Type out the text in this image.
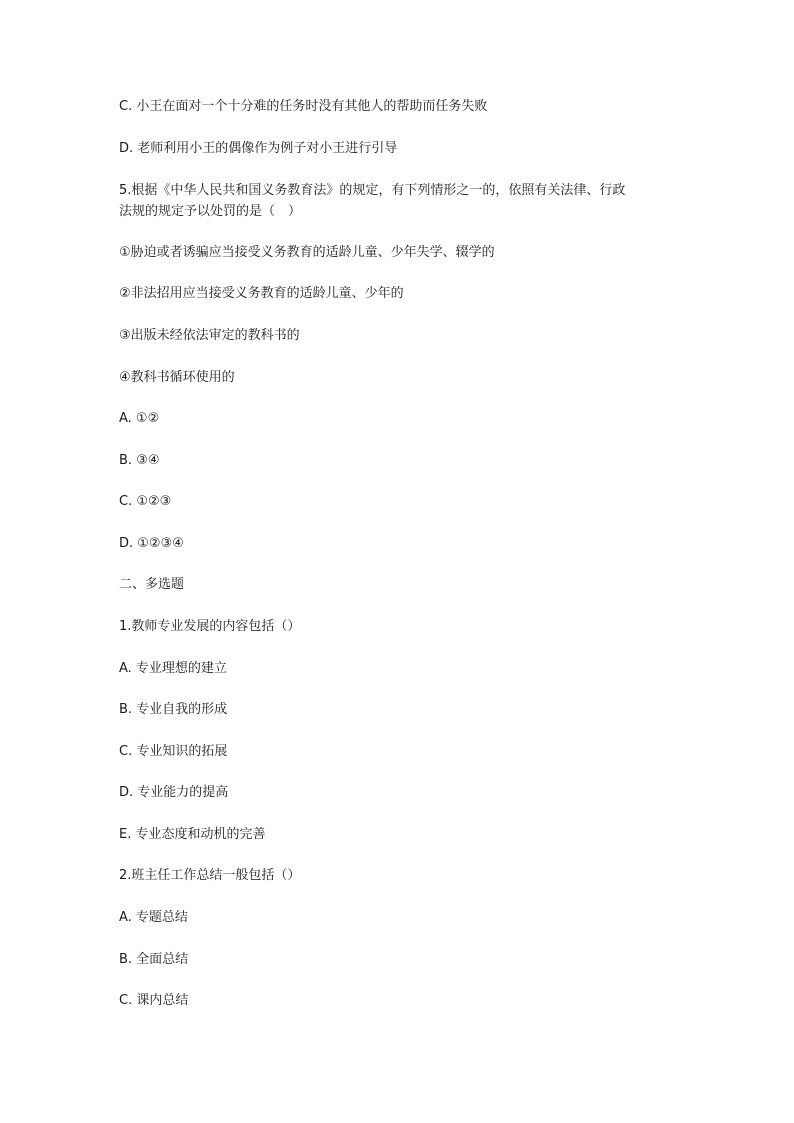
C. 小王在面对一个十分难的任务时没有其他人的帮助而任务失败
D. 老师利用小王的偶像作为例子对小王进行引导
5.根据《中华人民共和国义务教育法》的规定，有下列情形之一的，依照有关法律、行政
法规的规定予以处罚的是（　）
①胁迫或者诱骗应当接受义务教育的适龄儿童、少年失学、辍学的
②非法招用应当接受义务教育的适龄儿童、少年的
③出版未经依法审定的教科书的
④教科书循环使用的
A. ①②
B. ③④
C. ①②③
D. ①②③④
二、多选题
1.教师专业发展的内容包括（）
A. 专业理想的建立
B. 专业自我的形成
C. 专业知识的拓展
D. 专业能力的提高
E. 专业态度和动机的完善
2.班主任工作总结一般包括（）
A. 专题总结
B. 全面总结
C. 课内总结
